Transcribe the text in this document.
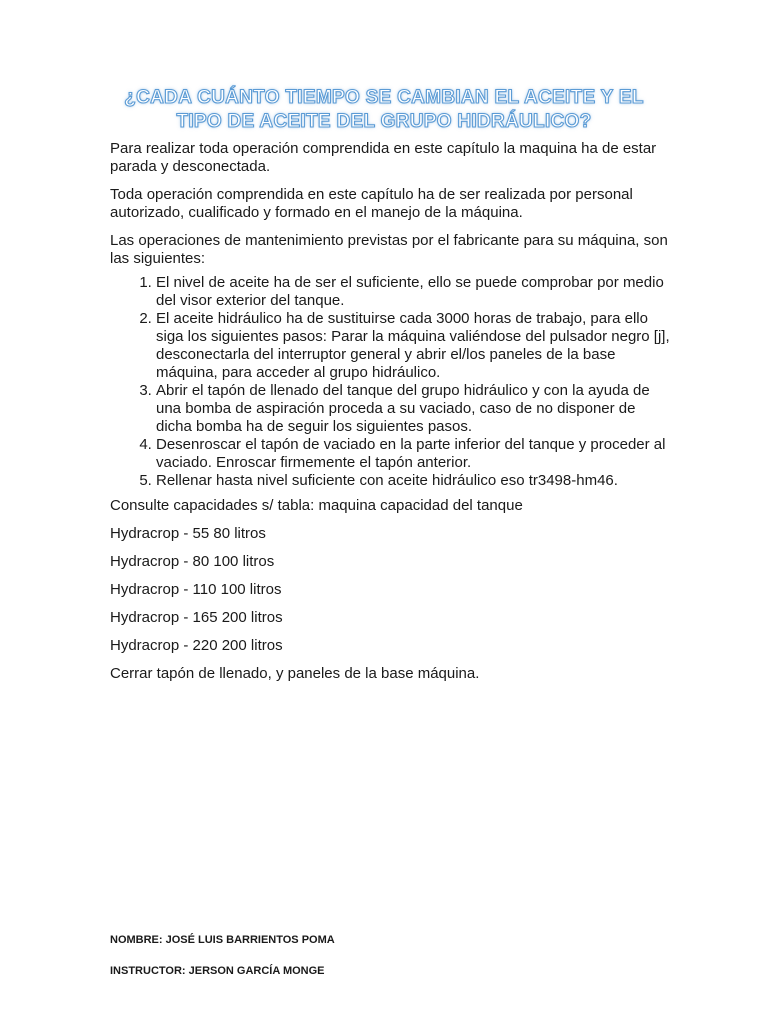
¿CADA CUÁNTO TIEMPO SE CAMBIAN EL ACEITE Y EL
TIPO DE ACEITE DEL GRUPO HIDRÁULICO?

Para realizar toda operación comprendida en este capítulo la maquina ha de estar parada y desconectada.

Toda operación comprendida en este capítulo ha de ser realizada por personal autorizado, cualificado y formado en el manejo de la máquina.

Las operaciones de mantenimiento previstas por el fabricante para su máquina, son las siguientes:

1. El nivel de aceite ha de ser el suficiente, ello se puede comprobar por medio del visor exterior del tanque.
2. El aceite hidráulico ha de sustituirse cada 3000 horas de trabajo, para ello siga los siguientes pasos: Parar la máquina valiéndose del pulsador negro [j], desconectarla del interruptor general y abrir el/los paneles de la base máquina, para acceder al grupo hidráulico.
3. Abrir el tapón de llenado del tanque del grupo hidráulico y con la ayuda de una bomba de aspiración proceda a su vaciado, caso de no disponer de dicha bomba ha de seguir los siguientes pasos.
4. Desenroscar el tapón de vaciado en la parte inferior del tanque y proceder al vaciado. Enroscar firmemente el tapón anterior.
5. Rellenar hasta nivel suficiente con aceite hidráulico eso tr3498-hm46.

Consulte capacidades s/ tabla: maquina capacidad del tanque

Hydracrop - 55 80 litros

Hydracrop - 80 100 litros

Hydracrop - 110 100 litros

Hydracrop - 165 200 litros

Hydracrop - 220 200 litros

Cerrar tapón de llenado, y paneles de la base máquina.

NOMBRE: JOSÉ LUIS BARRIENTOS POMA
INSTRUCTOR: JERSON GARCÍA MONGE
